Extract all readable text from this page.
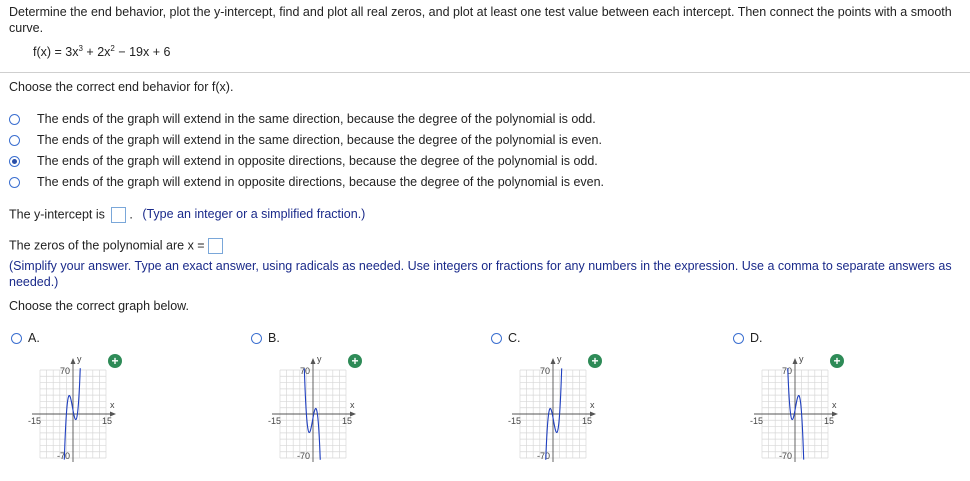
Determine the end behavior, plot the y-intercept, find and plot all real zeros, and plot at least one test value between each intercept. Then connect the points with a smooth curve.
$f(x) = 3x^3 + 2x^2 - 19x + 6$
Choose the correct end behavior for f(x).
The ends of the graph will extend in the same direction, because the degree of the polynomial is odd.
The ends of the graph will extend in the same direction, because the degree of the polynomial is even.
The ends of the graph will extend in opposite directions, because the degree of the polynomial is odd.
The ends of the graph will extend in opposite directions, because the degree of the polynomial is even.
The y-intercept is . (Type an integer or a simplified fraction.)
The zeros of the polynomial are x =
(Simplify your answer. Type an exact answer, using radicals as needed. Use integers or fractions for any numbers in the expression. Use a comma to separate answers as needed.)
Choose the correct graph below.
A.	B.	C.	D.
+	+	+	+
y
x
70
-70
-15	15
y
x
70
-70
-15	15
y
x
70
-70
-15	15
y
x
70
-70
-15	15
